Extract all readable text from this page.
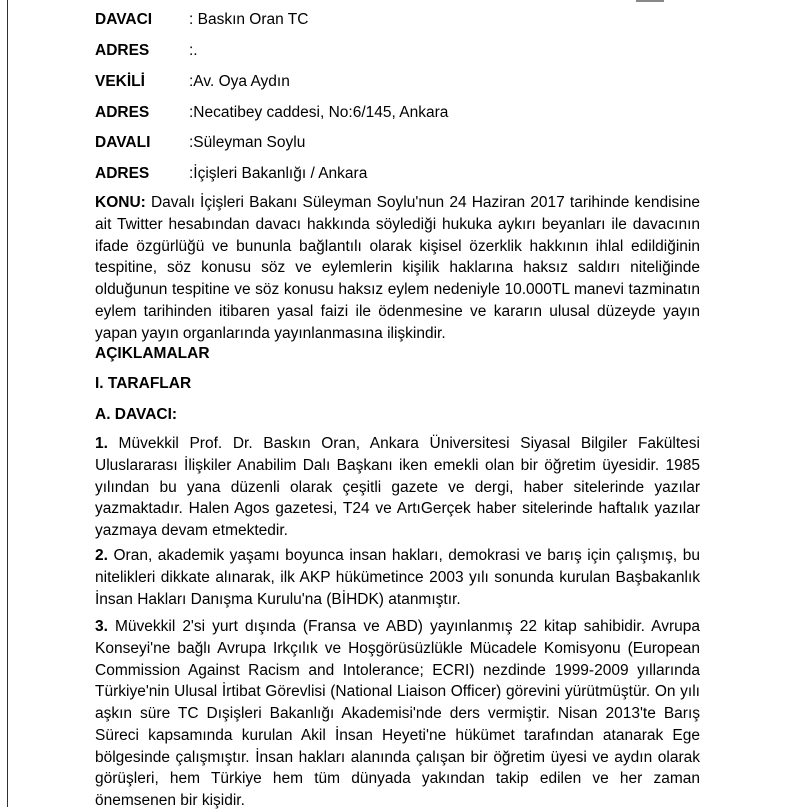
DAVACI : Baskın Oran TC
ADRES	:.
VEKİLİ	:Av. Oya Aydın
ADRES	:Necatibey caddesi, No:6/145, Ankara
DAVALI :Süleyman Soylu
ADRES	:İçişleri Bakanlığı / Ankara

KONU: Davalı İçişleri Bakanı Süleyman Soylu'nun 24 Haziran 2017 tarihinde kendisine ait Twitter hesabından davacı hakkında söylediği hukuka aykırı beyanları ile davacının ifade özgürlüğü ve bununla bağlantılı olarak kişisel özerklik hakkının ihlal edildiğinin tespitine, söz konusu söz ve eylemlerin kişilik haklarına haksız saldırı niteliğinde olduğunun tespitine ve söz konusu haksız eylem nedeniyle 10.000TL manevi tazminatın eylem tarihinden itibaren yasal faizi ile ödenmesine ve kararın ulusal düzeyde yayın yapan yayın organlarında yayınlanmasına ilişkindir.

AÇIKLAMALAR
I. TARAFLAR
A. DAVACI:

1. Müvekkil Prof. Dr. Baskın Oran, Ankara Üniversitesi Siyasal Bilgiler Fakültesi Uluslararası İlişkiler Anabilim Dalı Başkanı iken emekli olan bir öğretim üyesidir. 1985 yılından bu yana düzenli olarak çeşitli gazete ve dergi, haber sitelerinde yazılar yazmaktadır. Halen Agos gazetesi, T24 ve ArtıGerçek haber sitelerinde haftalık yazılar yazmaya devam etmektedir.

2. Oran, akademik yaşamı boyunca insan hakları, demokrasi ve barış için çalışmış, bu nitelikleri dikkate alınarak, ilk AKP hükümetince 2003 yılı sonunda kurulan Başbakanlık İnsan Hakları Danışma Kurulu'na (BİHDK) atanmıştır.

3. Müvekkil 2'si yurt dışında (Fransa ve ABD) yayınlanmış 22 kitap sahibidir. Avrupa Konseyi'ne bağlı Avrupa Irkçılık ve Hoşgörüsüzlükle Mücadele Komisyonu (European Commission Against Racism and Intolerance; ECRI) nezdinde 1999-2009 yıllarında Türkiye'nin Ulusal İrtibat Görevlisi (National Liaison Officer) görevini yürütmüştür. On yılı aşkın süre TC Dışişleri Bakanlığı Akademisi'nde ders vermiştir. Nisan 2013'te Barış Süreci kapsamında kurulan Akil İnsan Heyeti'ne hükümet tarafından atanarak Ege bölgesinde çalışmıştır. İnsan hakları alanında çalışan bir öğretim üyesi ve aydın olarak görüşleri, hem Türkiye hem tüm dünyada yakından takip edilen ve her zaman önemsenen bir kişidir.
